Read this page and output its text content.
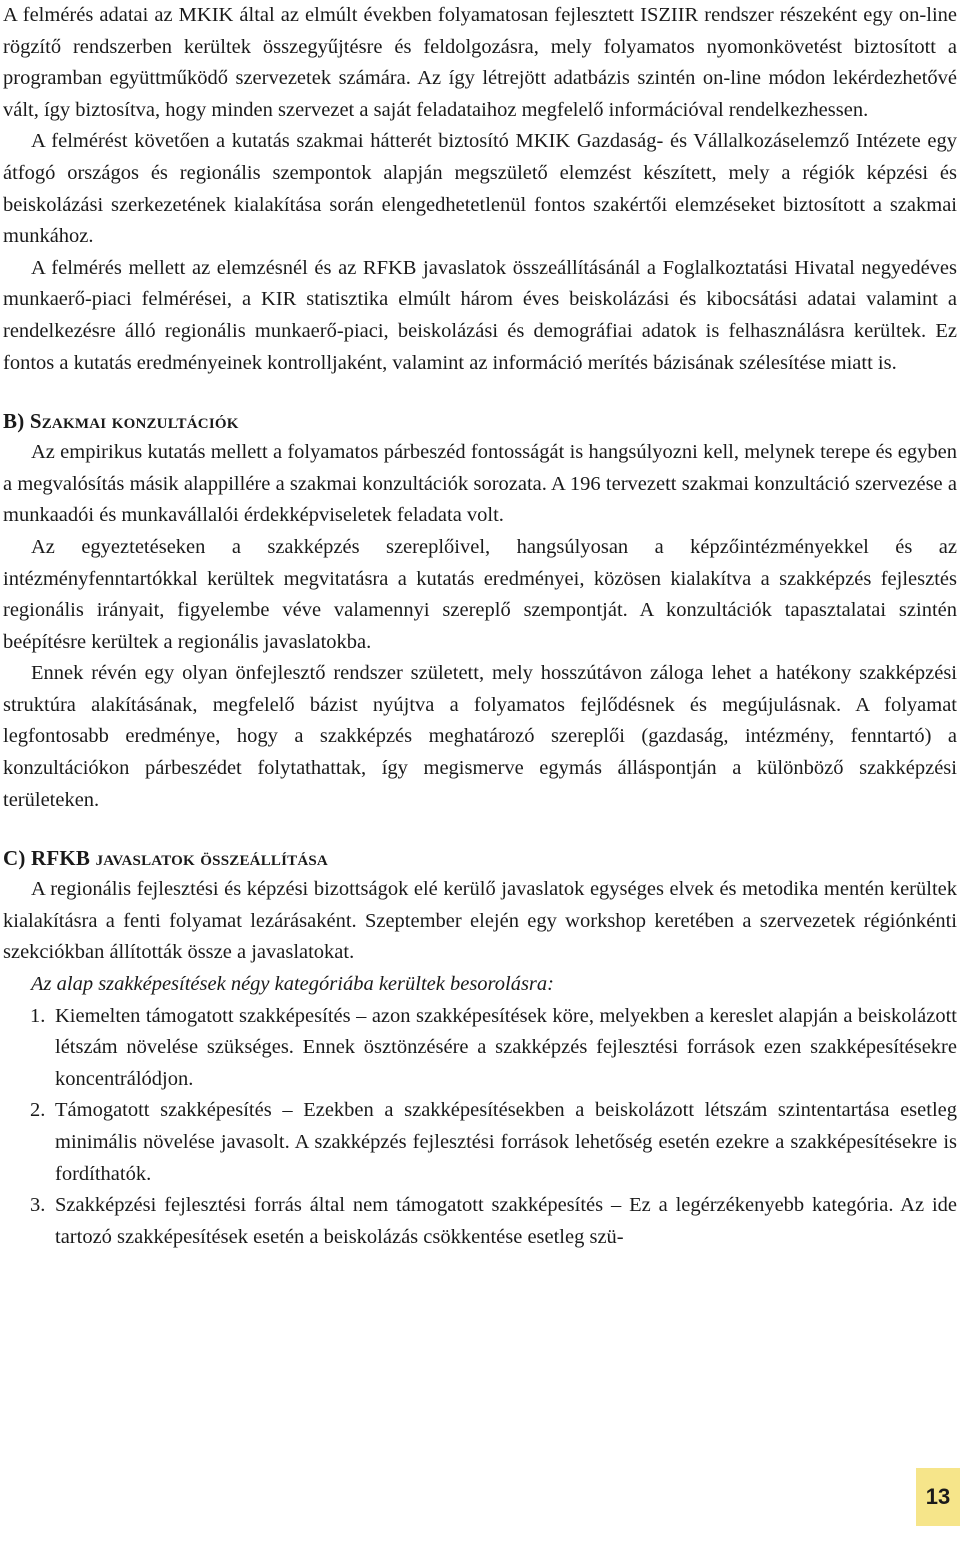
A felmérés adatai az MKIK által az elmúlt években folyamatosan fejlesztett ISZIIR rendszer részeként egy on-line rögzítő rendszerben kerültek összegyűjtésre és feldolgozásra, mely folyamatos nyomonkövetést biztosított a programban együttműködő szervezetek számára. Az így létrejött adatbázis szintén on-line módon lekérdezhetővé vált, így biztosítva, hogy minden szervezet a saját feladataihoz megfelelő információval rendelkezhessen.

A felmérést követően a kutatás szakmai hátterét biztosító MKIK Gazdaság- és Vállalkozáselemző Intézete egy átfogó országos és regionális szempontok alapján megszülető elemzést készített, mely a régiók képzési és beiskolázási szerkezetének kialakítása során elengedhetetlenül fontos szakértői elemzéseket biztosított a szakmai munkához.

A felmérés mellett az elemzésnél és az RFKB javaslatok összeállításánál a Foglalkoztatási Hivatal negyedéves munkaerő-piaci felmérései, a KIR statisztika elmúlt három éves beiskolázási és kibocsátási adatai valamint a rendelkezésre álló regionális munkaerő-piaci, beiskolázási és demográfiai adatok is felhasználásra kerültek. Ez fontos a kutatás eredményeinek kontrolljaként, valamint az információ merítés bázisának szélesítése miatt is.

B) Szakmai konzultációk

Az empirikus kutatás mellett a folyamatos párbeszéd fontosságát is hangsúlyozni kell, melynek terepe és egyben a megvalósítás másik alappillére a szakmai konzultációk sorozata. A 196 tervezett szakmai konzultáció szervezése a munkaadói és munkavállalói érdekképviseletek feladata volt.

Az egyeztetéseken a szakképzés szereplőivel, hangsúlyosan a képzőintézményekkel és az intézményfenntartókkal kerültek megvitatásra a kutatás eredményei, közösen kialakítva a szakképzés fejlesztés regionális irányait, figyelembe véve valamennyi szereplő szempontját. A konzultációk tapasztalatai szintén beépítésre kerültek a regionális javaslatokba.

Ennek révén egy olyan önfejlesztő rendszer született, mely hosszútávon záloga lehet a hatékony szakképzési struktúra alakításának, megfelelő bázist nyújtva a folyamatos fejlődésnek és megújulásnak. A folyamat legfontosabb eredménye, hogy a szakképzés meghatározó szereplői (gazdaság, intézmény, fenntartó) a konzultációkon párbeszédet folytathattak, így megismerve egymás álláspontján a különböző szakképzési területeken.

C) RFKB javaslatok összeállítása

A regionális fejlesztési és képzési bizottságok elé kerülő javaslatok egységes elvek és metodika mentén kerültek kialakításra a fenti folyamat lezárásaként. Szeptember elején egy workshop keretében a szervezetek régiónkénti szekciókban állították össze a javaslatokat.

Az alap szakképesítések négy kategóriába kerültek besorolásra:

1. Kiemelten támogatott szakképesítés – azon szakképesítések köre, melyekben a kereslet alapján a beiskolázott létszám növelése szükséges. Ennek ösztönzésére a szakképzés fejlesztési források ezen szakképesítésekre koncentrálódjon.
2. Támogatott szakképesítés – Ezekben a szakképesítésekben a beiskolázott létszám szintentartása esetleg minimális növelése javasolt. A szakképzés fejlesztési források lehetőség esetén ezekre a szakképesítésekre is fordíthatók.
3. Szakképzési fejlesztési forrás által nem támogatott szakképesítés – Ez a legérzékenyebb kategória. Az ide tartozó szakképesítések esetén a beiskolázás csökkentése esetleg szü-
13
